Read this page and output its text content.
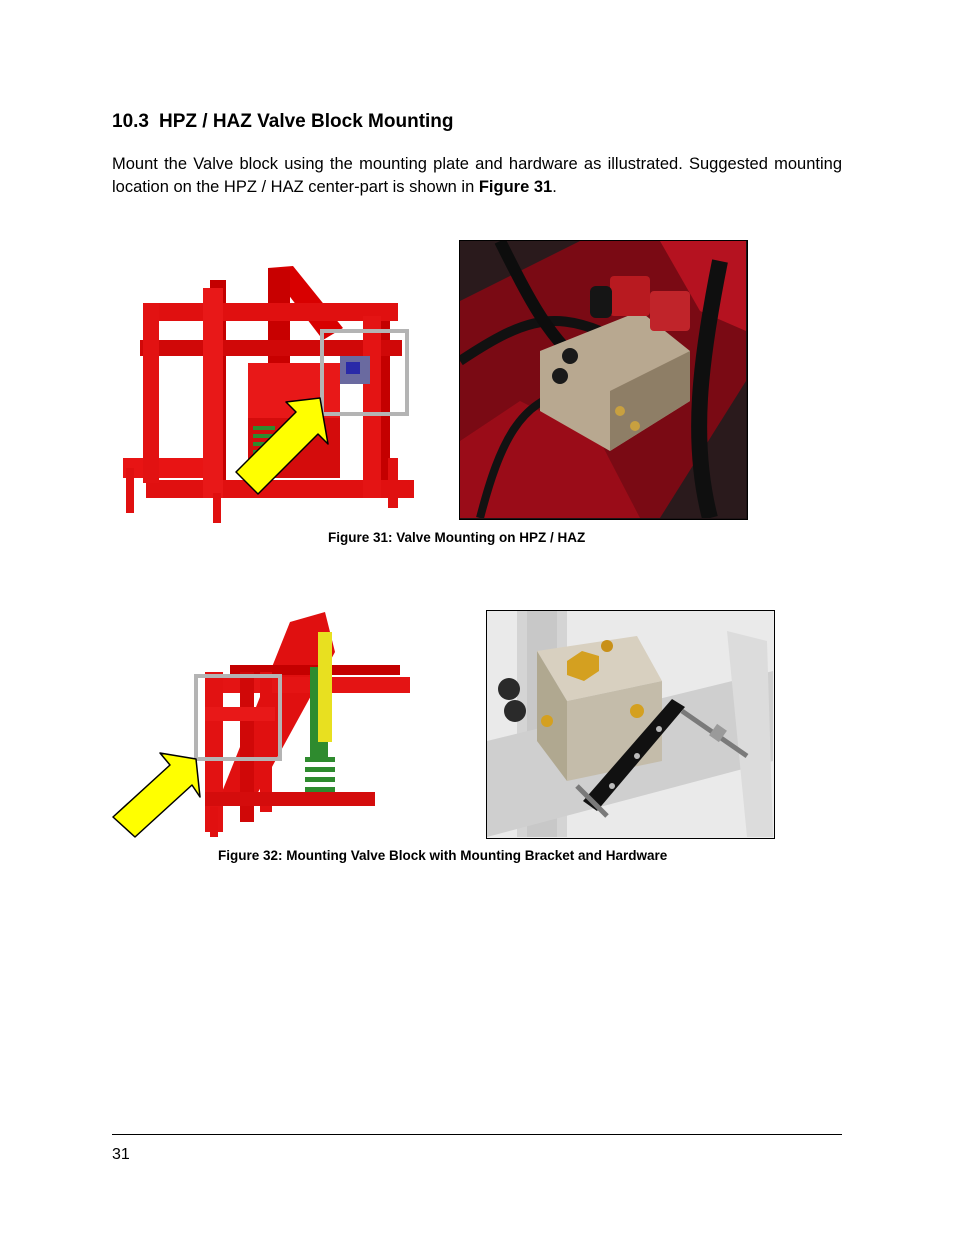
10.3 HPZ / HAZ Valve Block Mounting

Mount the Valve block using the mounting plate and hardware as illustrated. Suggested mounting location on the HPZ / HAZ center-part is shown in Figure 31.

Figure 31: Valve Mounting on HPZ / HAZ
Figure 32: Mounting Valve Block with Mounting Bracket and Hardware
31
